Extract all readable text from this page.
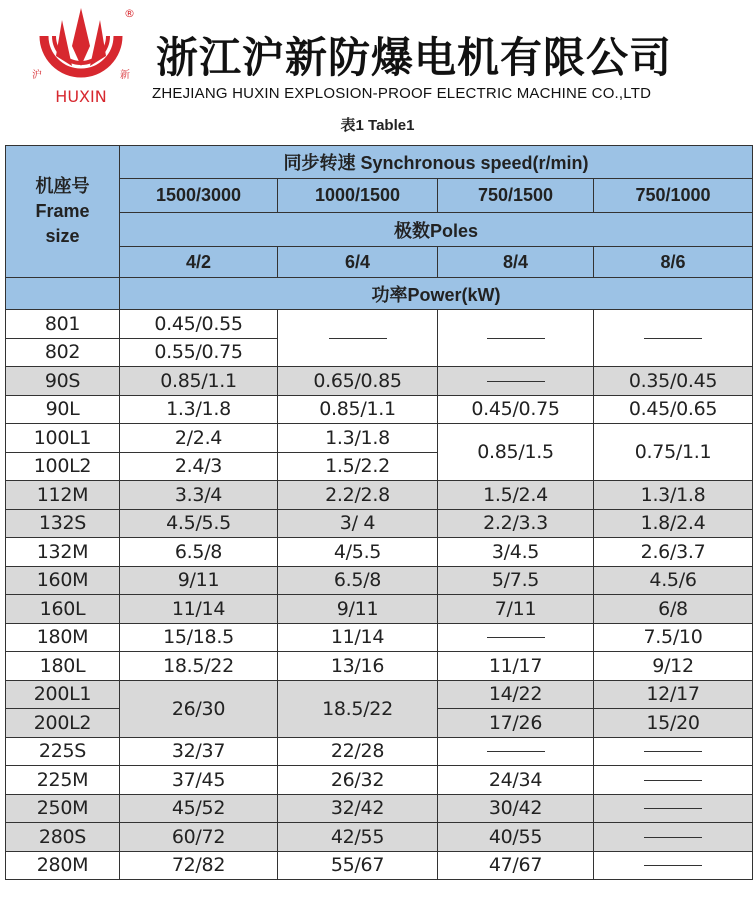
沪	新
®
HUXIN
浙江沪新防爆电机有限公司
ZHEJIANG HUXIN EXPLOSION-PROOF ELECTRIC MACHINE CO.,LTD
表1 Table1
机座号
Frame
size	同步转速 Synchronous speed(r/min)			
	1500/3000	1000/1500	750/1500	750/1000
	极数Poles			
	4/2	6/4	8/4	8/6
	功率Power(kW)			
801	0.45/0.55			
802	0.55/0.75			
90S	0.85/1.1	0.65/0.85		0.35/0.45
90L	1.3/1.8	0.85/1.1	0.45/0.75	0.45/0.65
100L1	2/2.4	1.3/1.8	0.85/1.5	0.75/1.1
100L2	2.4/3	1.5/2.2		
112M	3.3/4	2.2/2.8	1.5/2.4	1.3/1.8
132S	4.5/5.5	3/ 4	2.2/3.3	1.8/2.4
132M	6.5/8	4/5.5	3/4.5	2.6/3.7
160M	9/11	6.5/8	5/7.5	4.5/6
160L	11/14	9/11	7/11	6/8
180M	15/18.5	11/14		7.5/10
180L	18.5/22	13/16	11/17	9/12
200L1	26/30	18.5/22	14/22	12/17
200L2			17/26	15/20
225S	32/37	22/28		
225M	37/45	26/32	24/34	
250M	45/52	32/42	30/42	
280S	60/72	42/55	40/55	
280M	72/82	55/67	47/67	
